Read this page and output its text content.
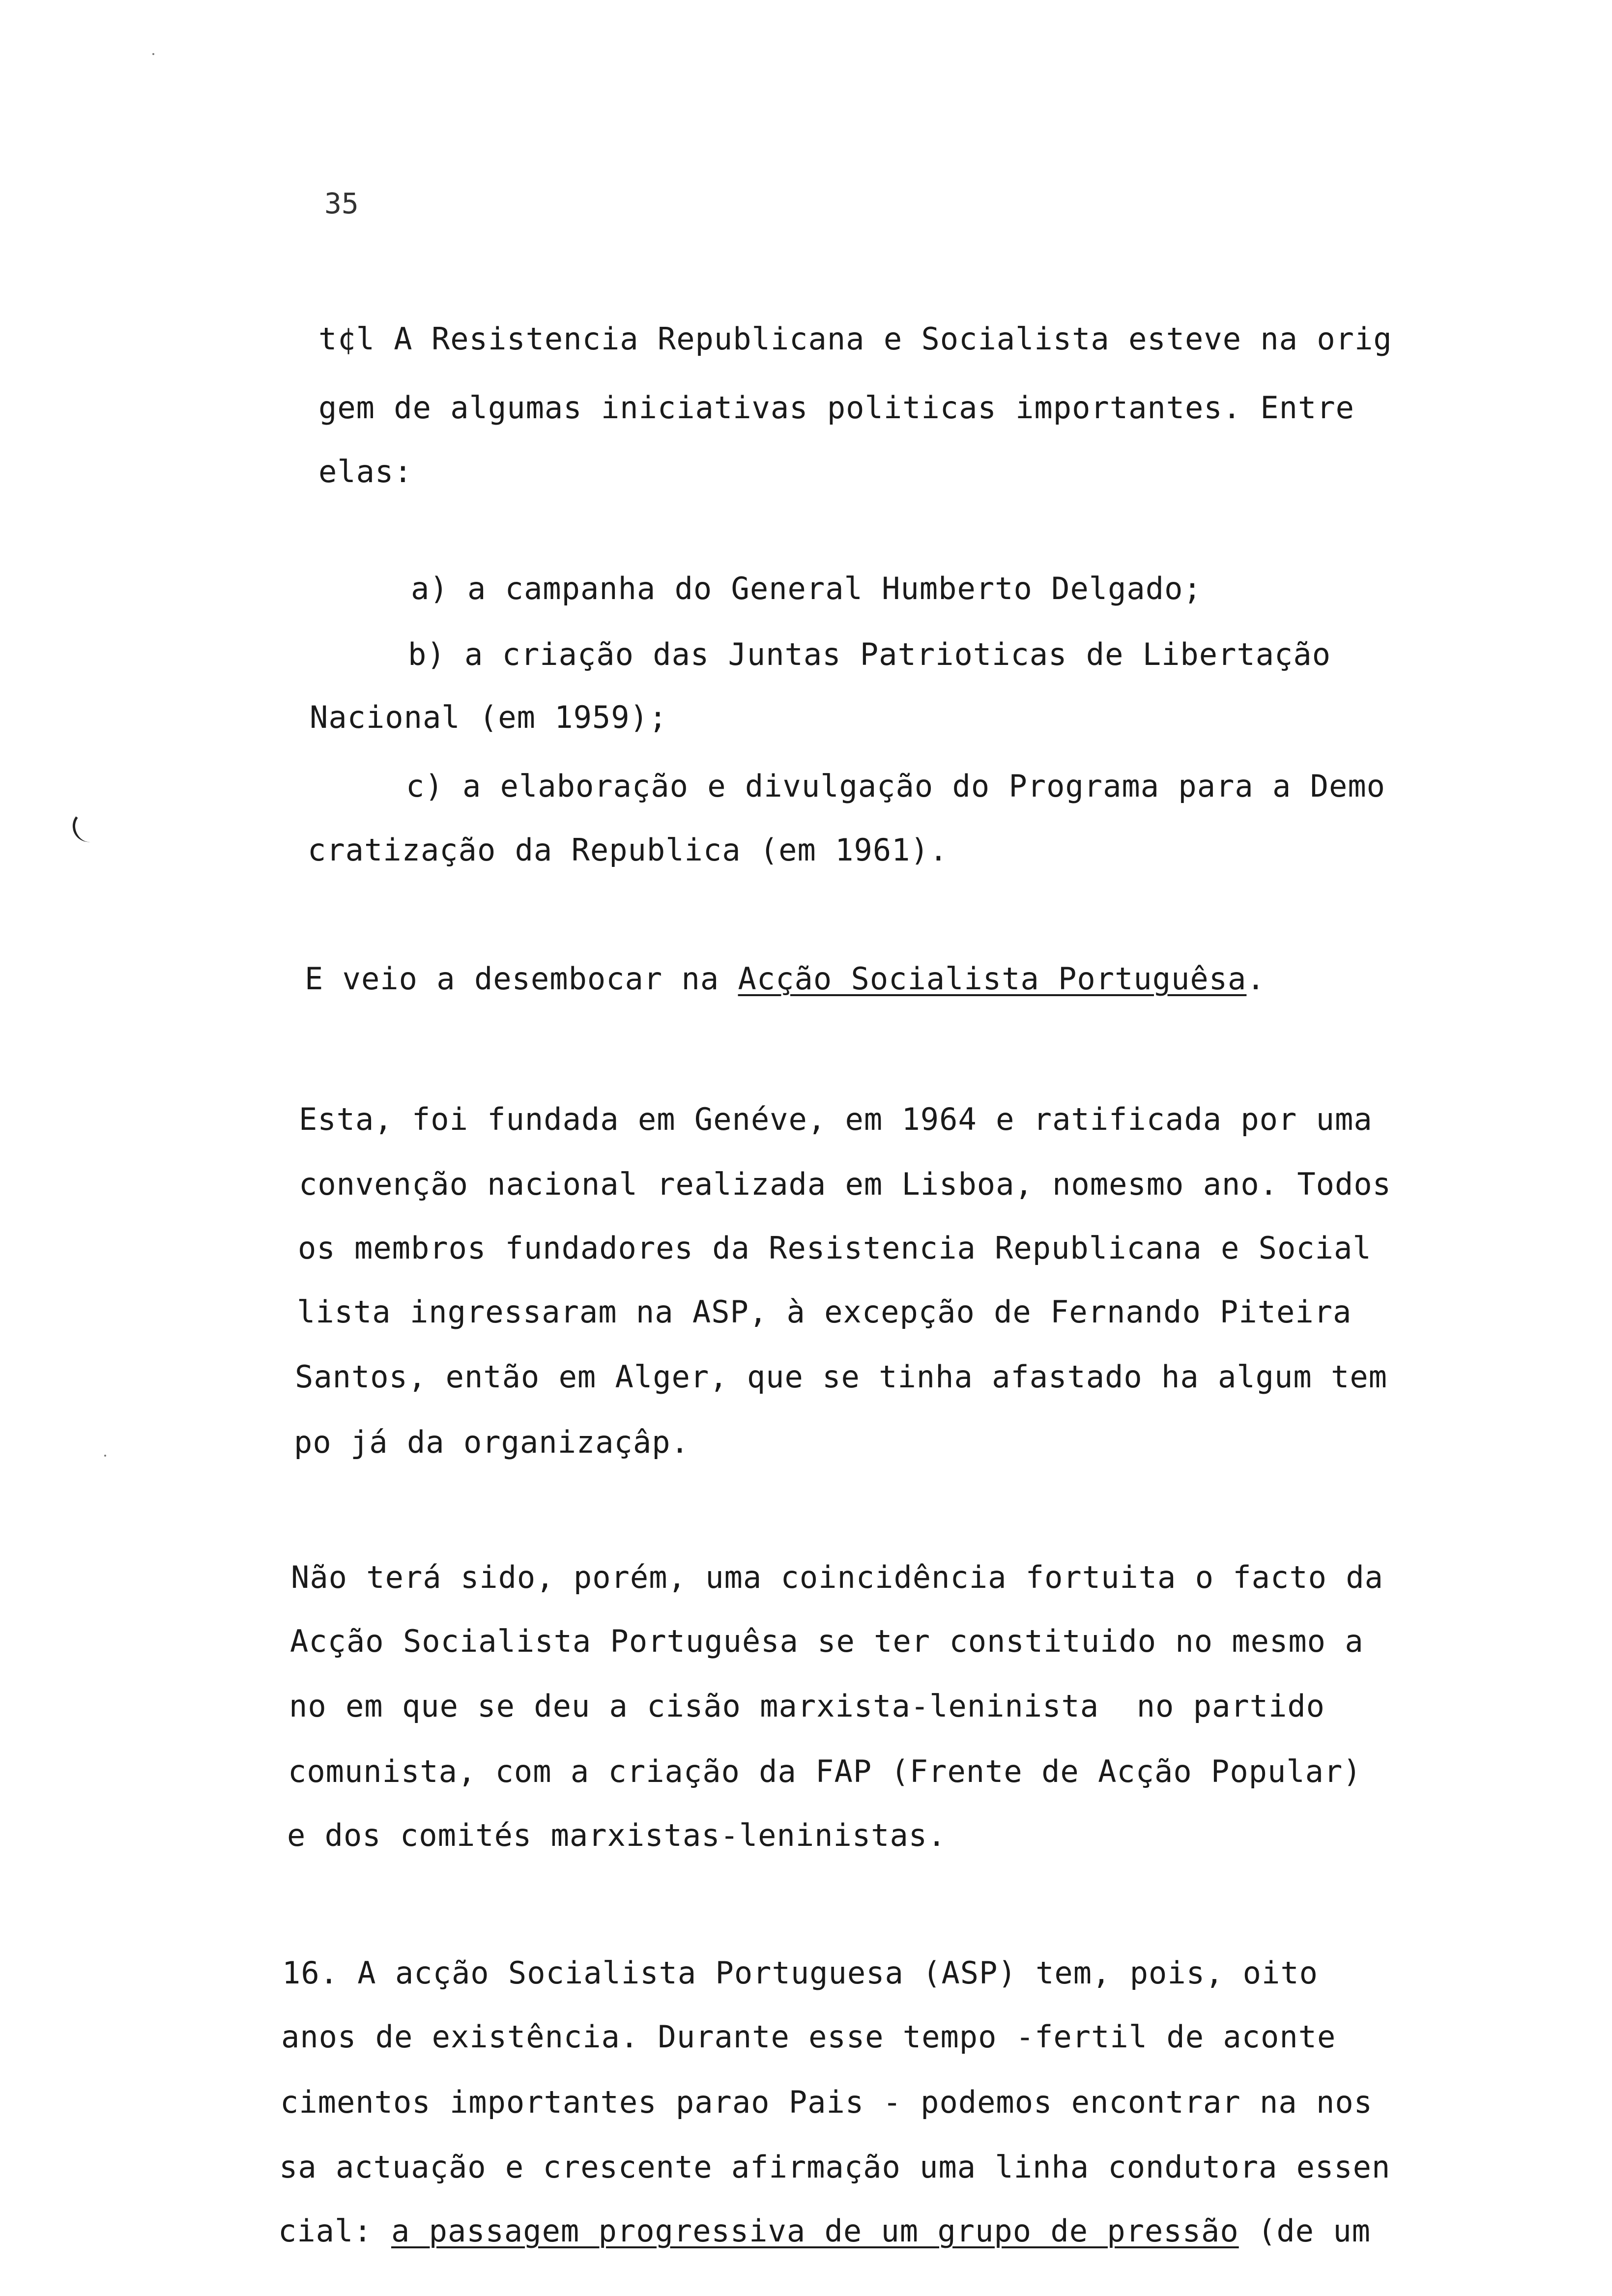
35
t¢l A Resistencia Republicana e Socialista esteve na orig
gem de algumas iniciativas politicas importantes. Entre
elas:
a) a campanha do General Humberto Delgado;
b) a criação das Juntas Patrioticas de Libertação
Nacional (em 1959);
c) a elaboração e divulgação do Programa para a Demo
cratização da Republica (em 1961).
E veio a desembocar na Acção Socialista Portuguêsa.
Esta, foi fundada em Genéve, em 1964 e ratificada por uma
convenção nacional realizada em Lisboa, nomesmo ano. Todos
os membros fundadores da Resistencia Republicana e Social
lista ingressaram na ASP, à excepção de Fernando Piteira
Santos, então em Alger, que se tinha afastado ha algum tem
po já da organizaçâp.
Não terá sido, porém, uma coincidência fortuita o facto da
Acção Socialista Portuguêsa se ter constituido no mesmo a
no em que se deu a cisão marxista-leninista  no partido
comunista, com a criação da FAP (Frente de Acção Popular)
e dos comités marxistas-leninistas.
16. A acção Socialista Portuguesa (ASP) tem, pois, oito
anos de existência. Durante esse tempo -fertil de aconte
cimentos importantes parao Pais - podemos encontrar na nos
sa actuação e crescente afirmação uma linha condutora essen
cial: a passagem progressiva de um grupo de pressão (de um
